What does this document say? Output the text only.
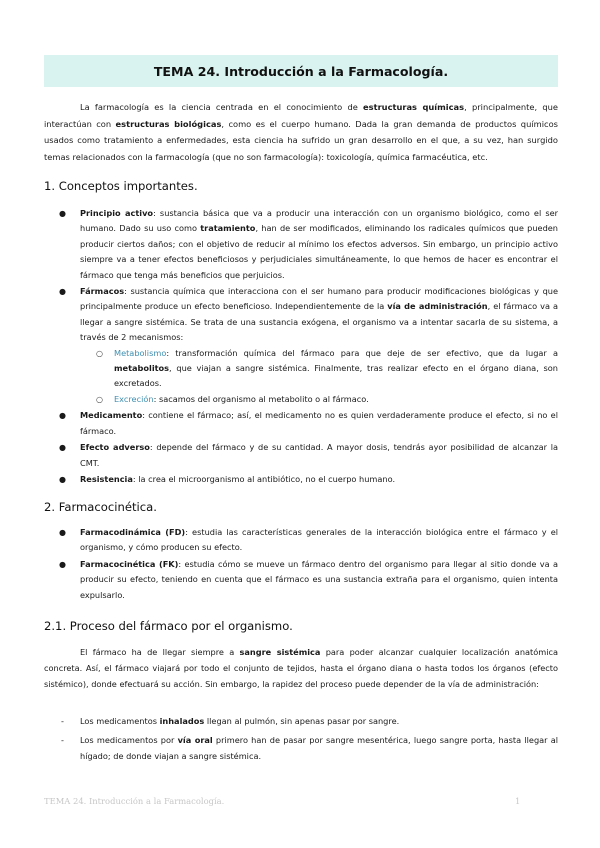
TEMA 24. Introducción a la Farmacología.
La farmacología es la ciencia centrada en el conocimiento de estructuras químicas, principalmente, que interactúan con estructuras biológicas, como es el cuerpo humano. Dada la gran demanda de productos químicos usados como tratamiento a enfermedades, esta ciencia ha sufrido un gran desarrollo en el que, a su vez, han surgido temas relacionados con la farmacología (que no son farmacología): toxicología, química farmacéutica, etc.
1. Conceptos importantes.
● Principio activo: sustancia básica que va a producir una interacción con un organismo biológico, como el ser humano. Dado su uso como tratamiento, han de ser modificados, eliminando los radicales químicos que pueden producir ciertos daños; con el objetivo de reducir al mínimo los efectos adversos. Sin embargo, un principio activo siempre va a tener efectos beneficiosos y perjudiciales simultáneamente, lo que hemos de hacer es encontrar el fármaco que tenga más beneficios que perjuicios.
● Fármacos: sustancia química que interacciona con el ser humano para producir modificaciones biológicas y que principalmente produce un efecto beneficioso. Independientemente de la vía de administración, el fármaco va a llegar a sangre sistémica. Se trata de una sustancia exógena, el organismo va a intentar sacarla de su sistema, a través de 2 mecanismos:
○ Metabolismo: transformación química del fármaco para que deje de ser efectivo, que da lugar a metabolitos, que viajan a sangre sistémica. Finalmente, tras realizar efecto en el órgano diana, son excretados.
○ Excreción: sacamos del organismo al metabolito o al fármaco.
● Medicamento: contiene el fármaco; así, el medicamento no es quien verdaderamente produce el efecto, si no el fármaco.
● Efecto adverso: depende del fármaco y de su cantidad. A mayor dosis, tendrás ayor posibilidad de alcanzar la CMT.
● Resistencia: la crea el microorganismo al antibiótico, no el cuerpo humano.
2. Farmacocinética.
● Farmacodinámica (FD): estudia las características generales de la interacción biológica entre el fármaco y el organismo, y cómo producen su efecto.
● Farmacocinética (FK): estudia cómo se mueve un fármaco dentro del organismo para llegar al sitio donde va a producir su efecto, teniendo en cuenta que el fármaco es una sustancia extraña para el organismo, quien intenta expulsarlo.
2.1. Proceso del fármaco por el organismo.
El fármaco ha de llegar siempre a sangre sistémica para poder alcanzar cualquier localización anatómica concreta. Así, el fármaco viajará por todo el conjunto de tejidos, hasta el órgano diana o hasta todos los órganos (efecto sistémico), donde efectuará su acción. Sin embargo, la rapidez del proceso puede depender de la vía de administración:
- Los medicamentos inhalados llegan al pulmón, sin apenas pasar por sangre.
- Los medicamentos por vía oral primero han de pasar por sangre mesentérica, luego sangre porta, hasta llegar al hígado; de donde viajan a sangre sistémica.
TEMA 24. Introducción a la Farmacología.	1
